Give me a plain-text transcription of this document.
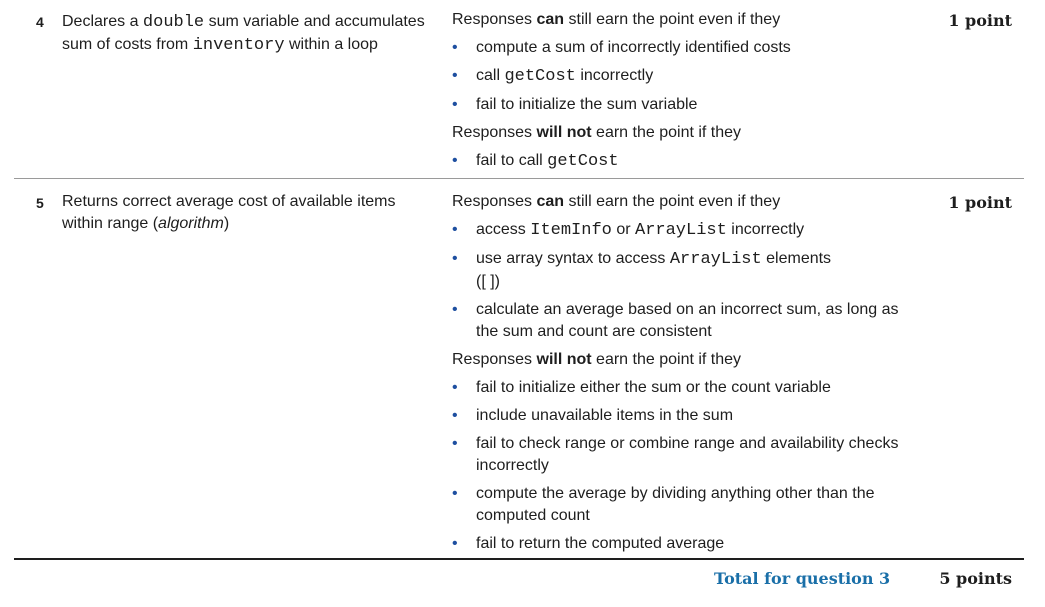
4	Declares a double sum variable and accumulates sum of costs from inventory within a loop
Responses can still earn the point even if they
•	compute a sum of incorrectly identified costs
•	call getCost incorrectly
•	fail to initialize the sum variable
Responses will not earn the point if they
•	fail to call getCost
1 point
5	Returns correct average cost of available items within range (algorithm)
Responses can still earn the point even if they
•	access ItemInfo or ArrayList incorrectly
•	use array syntax to access ArrayList elements
([ ])
•	calculate an average based on an incorrect sum, as long as the sum and count are consistent
Responses will not earn the point if they
•	fail to initialize either the sum or the count variable
•	include unavailable items in the sum
•	fail to check range or combine range and availability checks incorrectly
•	compute the average by dividing anything other than the computed count
•	fail to return the computed average
1 point
Total for question 3	5 points
